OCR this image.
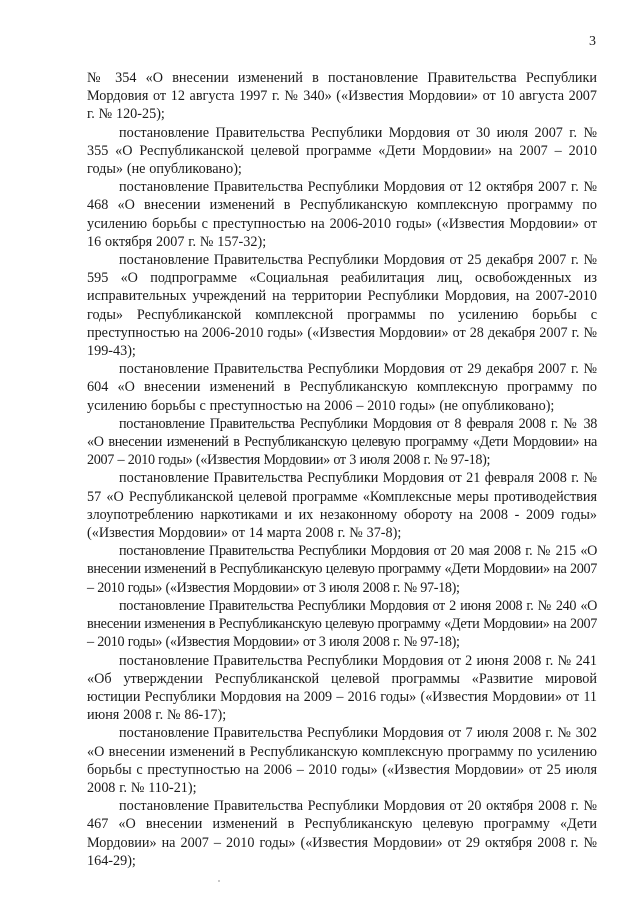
3

№ 354 «О внесении изменений в постановление Правительства Республики Мордовия от 12 августа 1997 г. № 340» («Известия Мордовии» от 10 августа 2007 г. № 120-25);

постановление Правительства Республики Мордовия от 30 июля 2007 г. № 355 «О Республиканской целевой программе «Дети Мордовии» на 2007 – 2010 годы» (не опубликовано);

постановление Правительства Республики Мордовия от 12 октября 2007 г. № 468 «О внесении изменений в Республиканскую комплексную программу по усилению борьбы с преступностью на 2006-2010 годы» («Известия Мордовии» от 16 октября 2007 г. № 157-32);

постановление Правительства Республики Мордовия от 25 декабря 2007 г. № 595 «О подпрограмме «Социальная реабилитация лиц, освобожденных из исправительных учреждений на территории Республики Мордовия, на 2007-2010 годы» Республиканской комплексной программы по усилению борьбы с преступностью на 2006-2010 годы» («Известия Мордовии» от 28 декабря 2007 г. № 199-43);

постановление Правительства Республики Мордовия от 29 декабря 2007 г. № 604 «О внесении изменений в Республиканскую комплексную программу по усилению борьбы с преступностью на 2006 – 2010 годы» (не опубликовано);

постановление Правительства Республики Мордовия от 8 февраля 2008 г. № 38 «О внесении изменений в Республиканскую целевую программу «Дети Мордовии» на 2007 – 2010 годы» («Известия Мордовии» от 3 июля 2008 г. № 97-18);

постановление Правительства Республики Мордовия от 21 февраля 2008 г. № 57 «О Республиканской целевой программе «Комплексные меры противодействия злоупотреблению наркотиками и их незаконному обороту на 2008 - 2009 годы» («Известия Мордовии» от 14 марта 2008 г. № 37-8);

постановление Правительства Республики Мордовия от 20 мая 2008 г. № 215 «О внесении изменений в Республиканскую целевую программу «Дети Мордовии» на 2007 – 2010 годы» («Известия Мордовии» от 3 июля 2008 г. № 97-18);

постановление Правительства Республики Мордовия от 2 июня 2008 г. № 240 «О внесении изменения в Республиканскую целевую программу «Дети Мордовии» на 2007 – 2010 годы» («Известия Мордовии» от 3 июля 2008 г. № 97-18);

постановление Правительства Республики Мордовия от 2 июня 2008 г. № 241 «Об утверждении Республиканской целевой программы «Развитие мировой юстиции Республики Мордовия на 2009 – 2016 годы» («Известия Мордовии» от 11 июня 2008 г. № 86-17);

постановление Правительства Республики Мордовия от 7 июля 2008 г. № 302 «О внесении изменений в Республиканскую комплексную программу по усилению борьбы с преступностью на 2006 – 2010 годы» («Известия Мордовии» от 25 июля 2008 г. № 110-21);

постановление Правительства Республики Мордовия от 20 октября 2008 г. № 467 «О внесении изменений в Республиканскую целевую программу «Дети Мордовии» на 2007 – 2010 годы» («Известия Мордовии» от 29 октября 2008 г. № 164-29);
